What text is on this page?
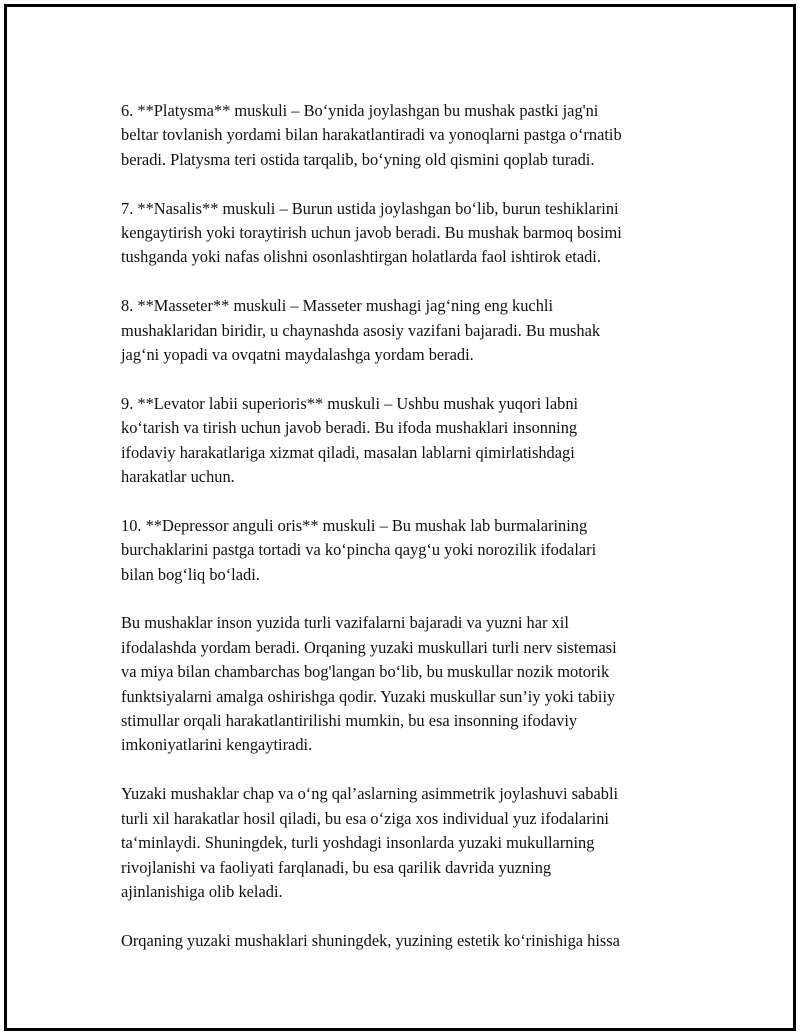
6. **Platysma** muskuli – Bo‘ynida joylashgan bu mushak pastki jag'ni
beltar tovlanish yordami bilan harakatlantiradi va yonoqlarni pastga o‘rnatib
beradi. Platysma teri ostida tarqalib, bo‘yning old qismini qoplab turadi.

7. **Nasalis** muskuli – Burun ustida joylashgan bo‘lib, burun teshiklarini
kengaytirish yoki toraytirish uchun javob beradi. Bu mushak barmoq bosimi
tushganda yoki nafas olishni osonlashtirgan holatlarda faol ishtirok etadi.

8. **Masseter** muskuli – Masseter mushagi jag‘ning eng kuchli
mushaklaridan biridir, u chaynashda asosiy vazifani bajaradi. Bu mushak
jag‘ni yopadi va ovqatni maydalashga yordam beradi.

9. **Levator labii superioris** muskuli – Ushbu mushak yuqori labni
ko‘tarish va tirish uchun javob beradi. Bu ifoda mushaklari insonning
ifodaviy harakatlariga xizmat qiladi, masalan lablarni qimirlatishdagi
harakatlar uchun.

10. **Depressor anguli oris** muskuli – Bu mushak lab burmalarining
burchaklarini pastga tortadi va ko‘pincha qayg‘u yoki norozilik ifodalari
bilan bog‘liq bo‘ladi.

Bu mushaklar inson yuzida turli vazifalarni bajaradi va yuzni har xil
ifodalashda yordam beradi. Orqaning yuzaki muskullari turli nerv sistemasi
va miya bilan chambarchas bog'langan bo‘lib, bu muskullar nozik motorik
funktsiyalarni amalga oshirishga qodir. Yuzaki muskullar sun’iy yoki tabiiy
stimullar orqali harakatlantirilishi mumkin, bu esa insonning ifodaviy
imkoniyatlarini kengaytiradi.

Yuzaki mushaklar chap va o‘ng qal’aslarning asimmetrik joylashuvi sababli
turli xil harakatlar hosil qiladi, bu esa o‘ziga xos individual yuz ifodalarini
ta‘minlaydi. Shuningdek, turli yoshdagi insonlarda yuzaki mukullarning
rivojlanishi va faoliyati farqlanadi, bu esa qarilik davrida yuzning
ajinlanishiga olib keladi.

Orqaning yuzaki mushaklari shuningdek, yuzining estetik ko‘rinishiga hissa
